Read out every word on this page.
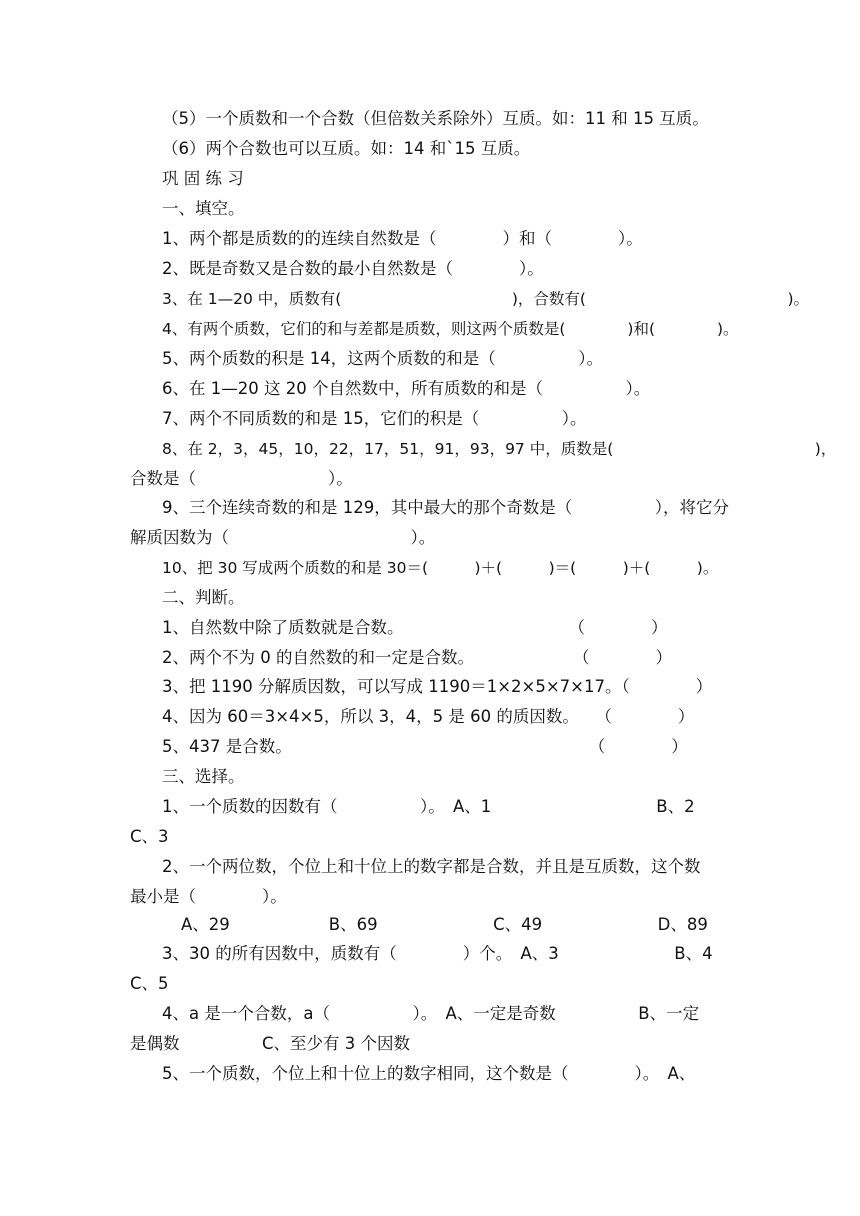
（5）一个质数和一个合数（但倍数关系除外）互质。如：11 和 15 互质。
（6）两个合数也可以互质。如：14 和`15 互质。
巩 固 练 习
一、填空。
1、两个都是质数的的连续自然数是（　　　　）和（　　　　）。
2、既是奇数又是合数的最小自然数是（　　　　）。
3、在 1—20 中，质数有(　　　　　　　　　　　)，合数有(　　　　　　　　　　　　　)。
4、有两个质数，它们的和与差都是质数，则这两个质数是(　　　　)和(　　　　)。
5、两个质数的积是 14，这两个质数的和是（　　　　　）。
6、在 1—20 这 20 个自然数中，所有质数的和是（　　　　　）。
7、两个不同质数的和是 15，它们的积是（　　　　　）。
8、在 2，3，45，10，22，17，51，91，93，97 中，质数是(　　　　　　　　　　　　　)，
合数是（　　　　　　　　）。
9、三个连续奇数的和是 129，其中最大的那个奇数是（　　　　　），将它分
解质因数为（　　　　　　　　　　　）。
10、把 30 写成两个质数的和是 30＝(　　　)＋(　　　)＝(　　　)＋(　　　)。
二、判断。
1、自然数中除了质数就是合数。　　　　　　　　　　　（　　　　）
2、两个不为 0 的自然数的和一定是合数。　　　　　　　（　　　　）
3、把 1190 分解质因数，可以写成 1190＝1×2×5×7×17。（　　　　）
4、因为 60＝3×4×5，所以 3，4，5 是 60 的质因数。　　（　　　　）
5、437 是合数。　　　　　　　　　　　　　　　　　　　（　　　　）
三、选择。
1、一个质数的因数有（　　　　　）。　A、1　　　　　　　　　　B、2
C、3
2、一个两位数，个位上和十位上的数字都是合数，并且是互质数，这个数
最小是（　　　　）。
A、29　　　　　　B、69　　　　　　　C、49　　　　　　　D、89
3、30 的所有因数中，质数有（　　　　）个。　A、3　　　　　　　B、4
C、5
4、a 是一个合数，a（　　　　　）。　A、一定是奇数　　　　　B、一定
是偶数　　　　　C、至少有 3 个因数
5、一个质数，个位上和十位上的数字相同，这个数是（　　　　）。　A、
